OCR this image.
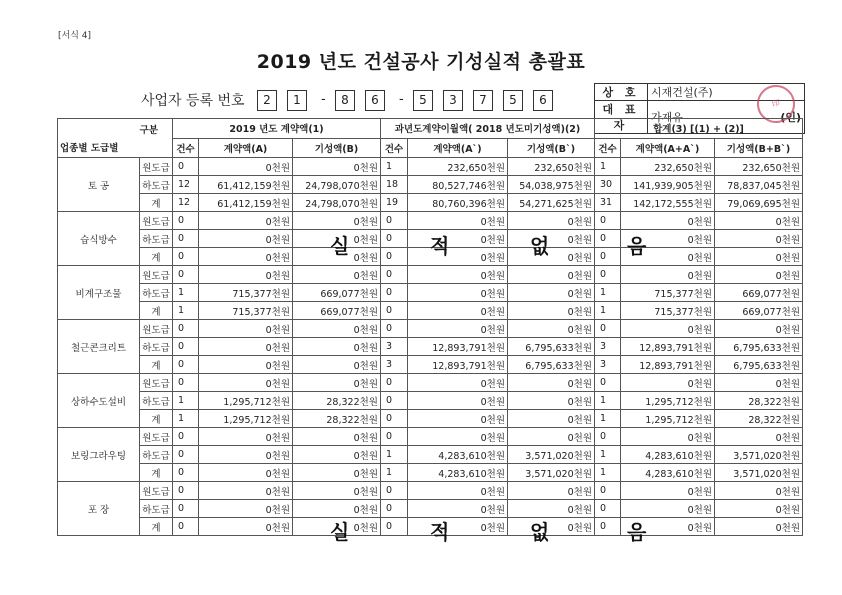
[서식 4]
2019 년도 건설공사 기성실적 총괄표
사업자 등록 번호	2	1	-	8	6	-	5	3	7	5	6
상 호	시재건설(주)
대 표 자	가재유 (인)
印
구분
업종별 도급별		2019 년도 계약액(1)			과년도계약이월액( 2018 년도미기성액)(2)			합계(3) [(1) + (2)]		
		건수	계약액(A)	기성액(B)	건수	계약액(A`)	기성액(B`)	건수	계약액(A+A`)	기성액(B+B`)
토 공	원도급	0	0천원	0천원	1	232,650천원	232,650천원	1	232,650천원	232,650천원
	하도급	12	61,412,159천원	24,798,070천원	18	80,527,746천원	54,038,975천원	30	141,939,905천원	78,837,045천원
	계	12	61,412,159천원	24,798,070천원	19	80,760,396천원	54,271,625천원	31	142,172,555천원	79,069,695천원
습식방수	원도급	0	0천원	0천원	0	0천원	0천원	0	0천원	0천원
	하도급	0	0천원	0천원	0	0천원	0천원	0	0천원	0천원
	계	0	0천원	0천원	0	0천원	0천원	0	0천원	0천원
비계구조물	원도급	0	0천원	0천원	0	0천원	0천원	0	0천원	0천원
	하도급	1	715,377천원	669,077천원	0	0천원	0천원	1	715,377천원	669,077천원
	계	1	715,377천원	669,077천원	0	0천원	0천원	1	715,377천원	669,077천원
철근콘크리트	원도급	0	0천원	0천원	0	0천원	0천원	0	0천원	0천원
	하도급	0	0천원	0천원	3	12,893,791천원	6,795,633천원	3	12,893,791천원	6,795,633천원
	계	0	0천원	0천원	3	12,893,791천원	6,795,633천원	3	12,893,791천원	6,795,633천원
상하수도설비	원도급	0	0천원	0천원	0	0천원	0천원	0	0천원	0천원
	하도급	1	1,295,712천원	28,322천원	0	0천원	0천원	1	1,295,712천원	28,322천원
	계	1	1,295,712천원	28,322천원	0	0천원	0천원	1	1,295,712천원	28,322천원
보링그라우팅	원도급	0	0천원	0천원	0	0천원	0천원	0	0천원	0천원
	하도급	0	0천원	0천원	1	4,283,610천원	3,571,020천원	1	4,283,610천원	3,571,020천원
	계	0	0천원	0천원	1	4,283,610천원	3,571,020천원	1	4,283,610천원	3,571,020천원
포 장	원도급	0	0천원	0천원	0	0천원	0천원	0	0천원	0천원
	하도급	0	0천원	0천원	0	0천원	0천원	0	0천원	0천원
	계	0	0천원	0천원	0	0천원	0천원	0	0천원	0천원
실	적	없	음
실	적	없	음
